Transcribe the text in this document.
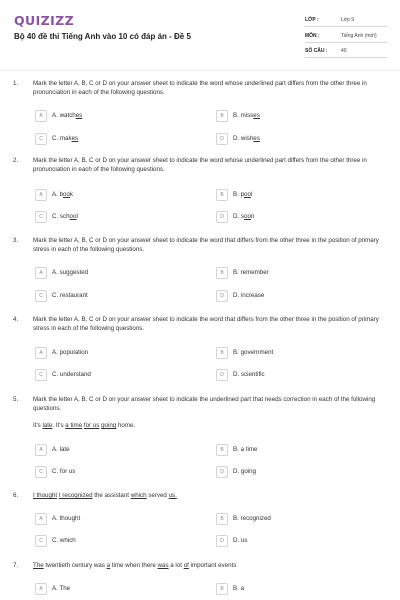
QUIZIZZ
Bộ 40 đề thi Tiếng Anh vào 10 có đáp án - Đề 5
LỚP :	Lớp 9
MÔN :	Tiếng Anh (mới)
SỐ CÂU :	40
1. Mark the letter A, B, C or D on your answer sheet to indicate the word whose underlined part differs from the other three in pronunciation in each of the following questions.
A	A. watches	B	B. misses
C	C. makes	D	D. wishes
2. Mark the letter A, B, C or D on your answer sheet to indicate the word whose underlined part differs from the other three in pronunciation in each of the following questions.
A	A. book	B	B. pool
C	C. school	D	D. soon
3. Mark the letter A, B, C or D on your answer sheet to indicate the word that differs from the other three in the position of primary stress in each of the following questions.
A	A. suggested	B	B. remember
C	C. restaurant	D	D. increase
4. Mark the letter A, B, C or D on your answer sheet to indicate the word that differs from the other three in the position of primary stress in each of the following questions.
A	A. population	B	B. government
C	C. understand	D	D. scientific
5. Mark the letter A, B, C or D on your answer sheet to indicate the underlined part that needs correction in each of the following questions.
It's late. It's a time for us going home.
A	A. late	B	B. a time
C	C. for us	D	D. going
6. I thought I recognized the assistant which served us.
A	A. thought	B	B. recognized
C	C. which	D	D. us
7. The twentieth century was a time when there was a lot of important events
A	A. The	B	B. a
